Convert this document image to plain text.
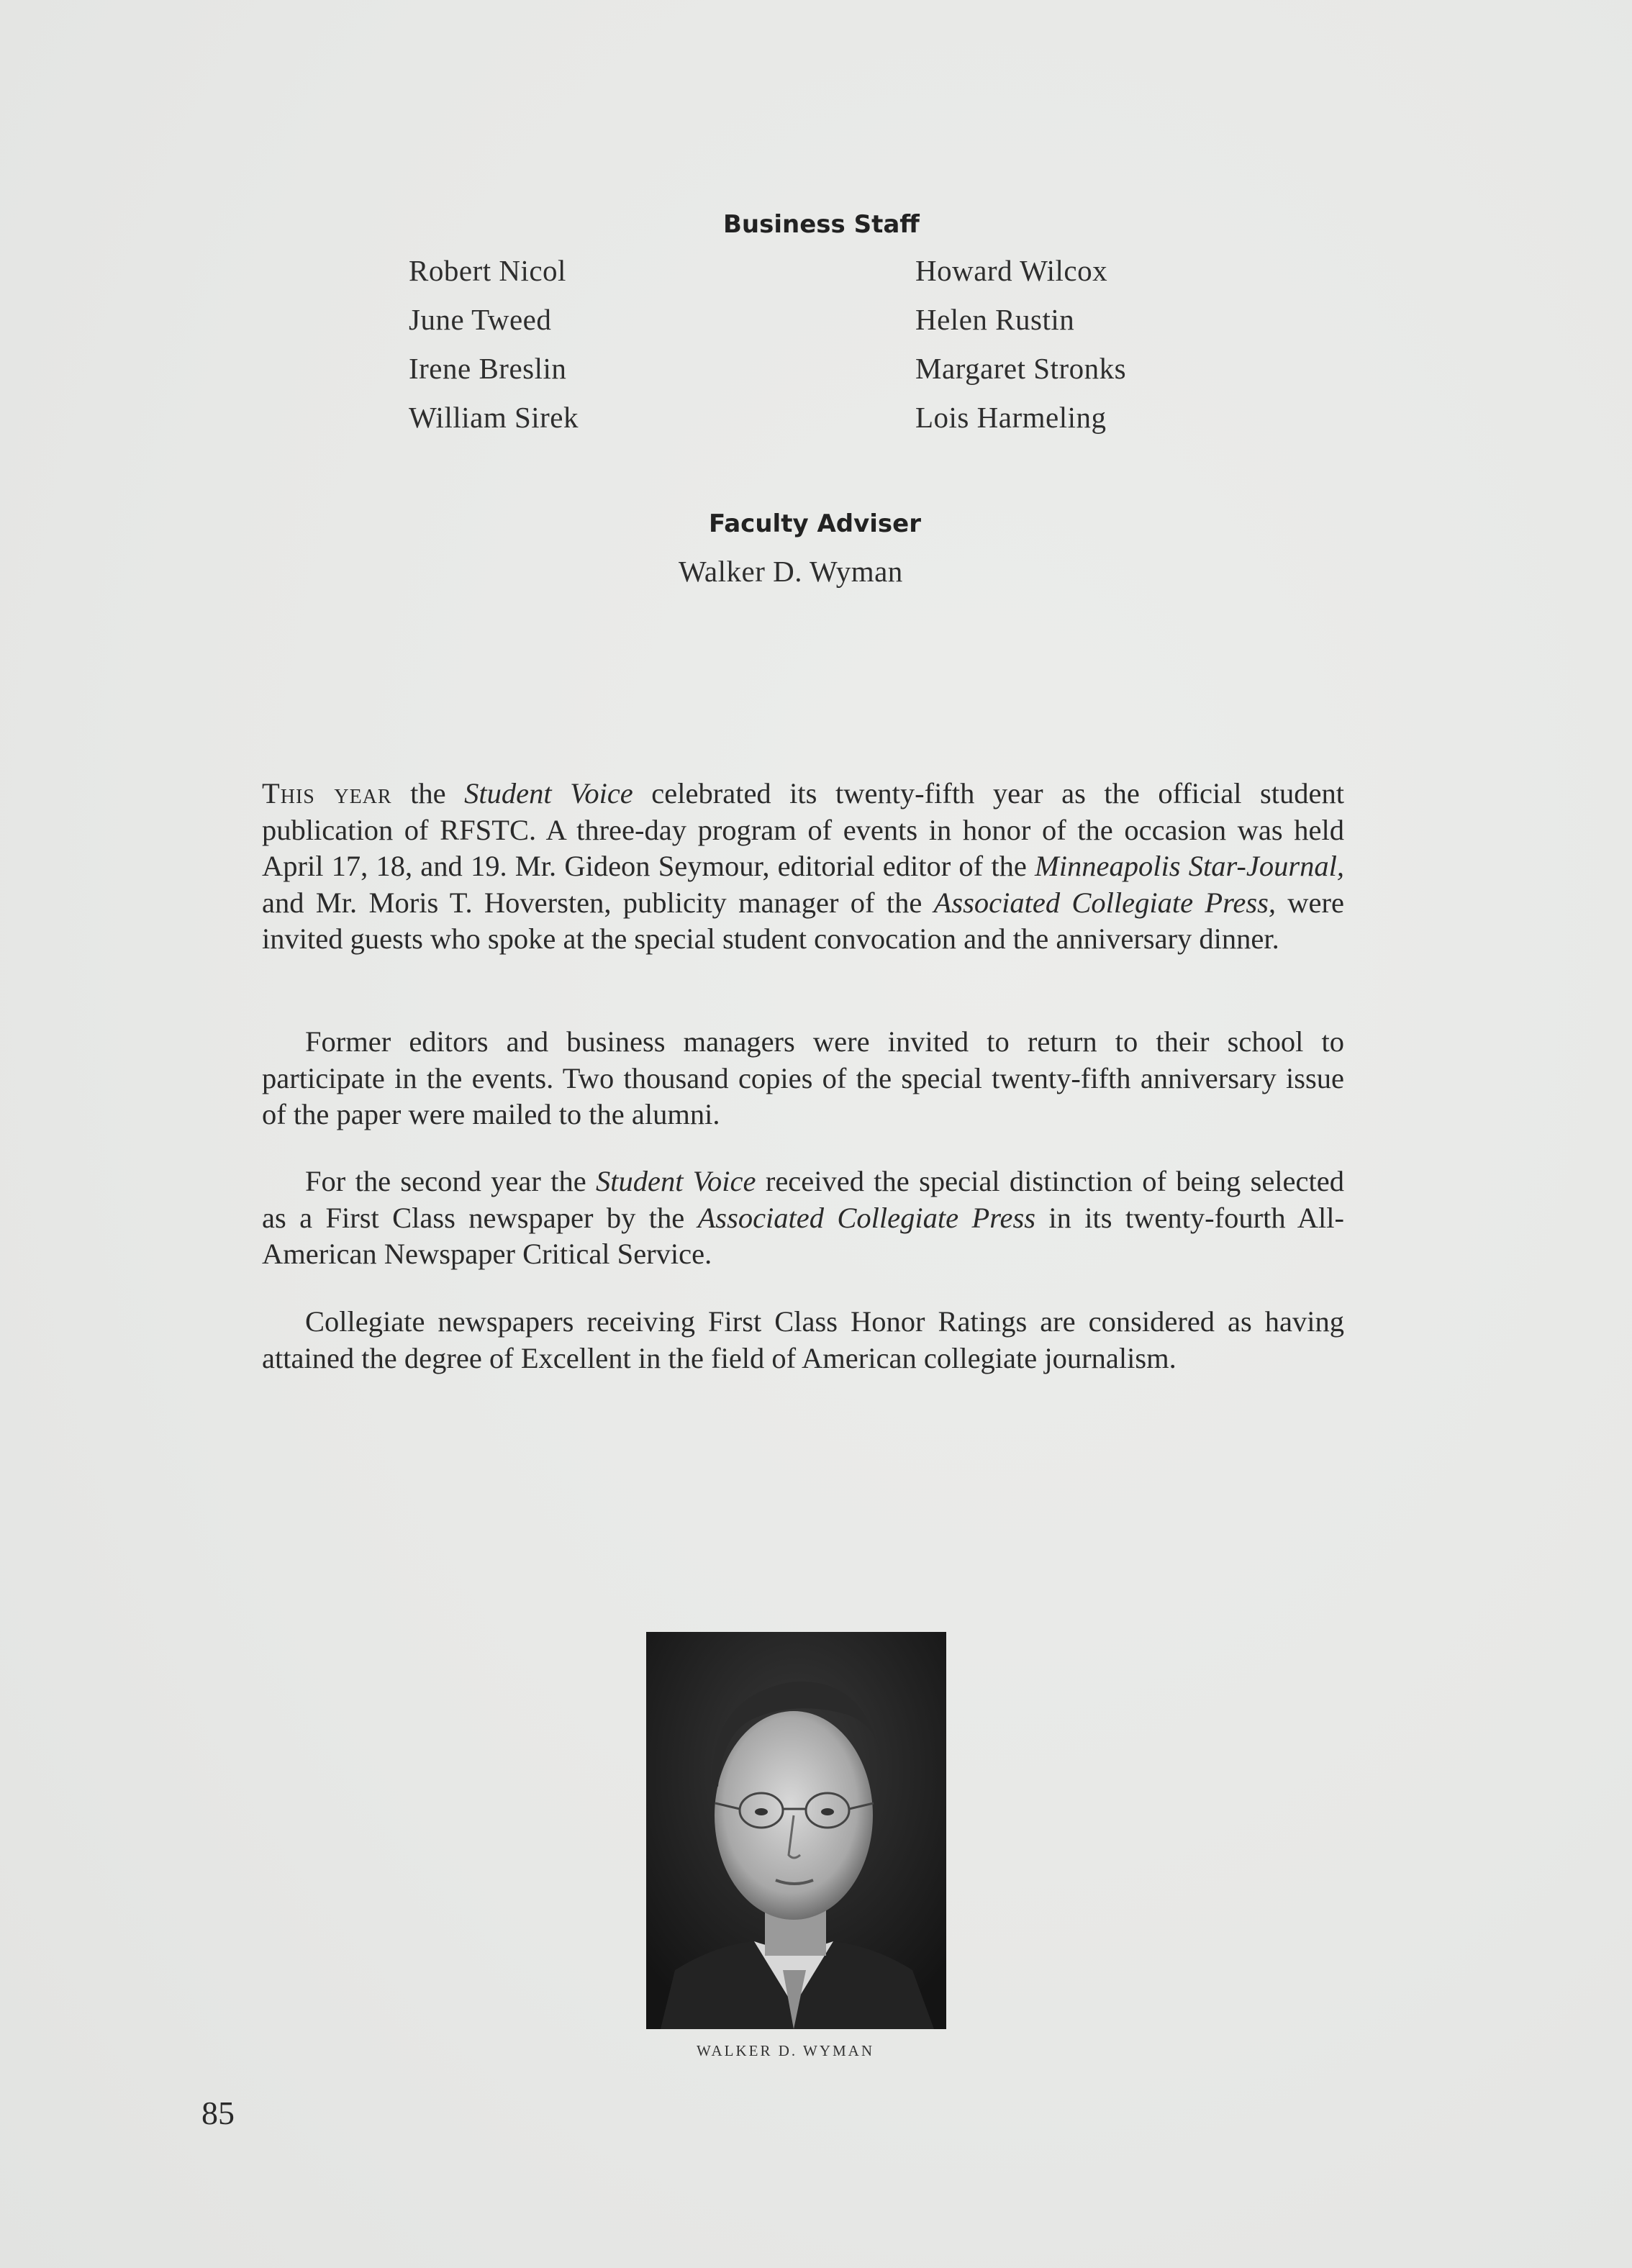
Business Staff
Robert Nicol
June Tweed
Irene Breslin
William Sirek
Howard Wilcox
Helen Rustin
Margaret Stronks
Lois Harmeling
Faculty Adviser
Walker D. Wyman

This year the Student Voice celebrated its twenty-fifth year as the official student publication of RFSTC. A three-day program of events in honor of the occasion was held April 17, 18, and 19. Mr. Gideon Seymour, editorial editor of the Minneapolis Star-Journal, and Mr. Moris T. Hoversten, publicity manager of the Associated Collegiate Press, were invited guests who spoke at the special student convocation and the anniversary dinner.

Former editors and business managers were invited to return to their school to participate in the events. Two thousand copies of the special twenty-fifth anniversary issue of the paper were mailed to the alumni.

For the second year the Student Voice received the special distinction of being selected as a First Class newspaper by the Associated Collegiate Press in its twenty-fourth All-American Newspaper Critical Service.

Collegiate newspapers receiving First Class Honor Ratings are considered as having attained the degree of Excellent in the field of American collegiate journalism.

WALKER D. WYMAN
85
